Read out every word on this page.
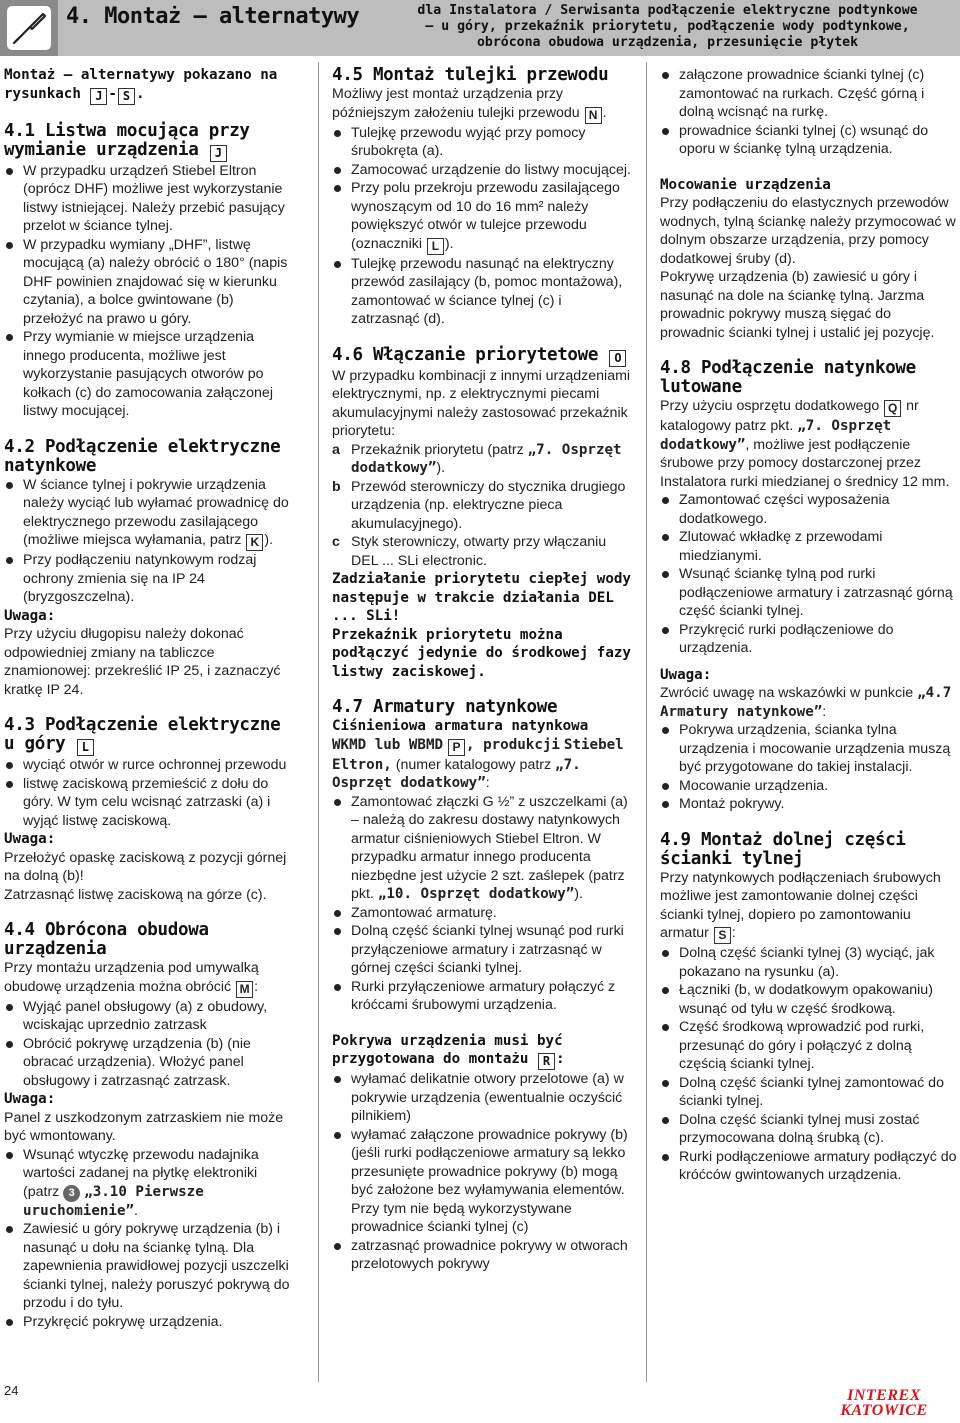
4. Montaż – alternatywy	dla Instalatora / Serwisanta podłączenie elektryczne podtynkowe
– u góry, przekaźnik priorytetu, podłączenie wody podtynkowe,
obrócona obudowa urządzenia, przesunięcie płytek

Montaż – alternatywy pokazano na rysunkach J - S .

4.1 Listwa mocująca przy wymianie urządzenia J
W przypadku urządzeń Stiebel Eltron (oprócz DHF) możliwe jest wykorzystanie listwy istniejącej. Należy przebić pasujący przelot w ściance tylnej.
W przypadku wymiany „DHF”, listwę mocującą (a) należy obrócić o 180° (napis DHF powinien znajdować się w kierunku czytania), a bolce gwintowane (b) przełożyć na prawo u góry.
Przy wymianie w miejsce urządzenia innego producenta, możliwe jest wykorzystanie pasujących otworów po kołkach (c) do zamocowania załączonej listwy mocującej.
4.2 Podłączenie elektryczne natynkowe
W ściance tylnej i pokrywie urządzenia należy wyciąć lub wyłamać prowadnicę do elektrycznego przewodu zasilającego (możliwe miejsca wyłamania, patrz K ).
Przy podłączeniu natynkowym rodzaj ochrony zmienia się na IP 24 (bryzgoszczelna).

Uwaga:

Przy użyciu długopisu należy dokonać odpowiedniej zmiany na tabliczce znamionowej: przekreślić IP 25, i zaznaczyć kratkę IP 24.

4.3 Podłączenie elektryczne u góry L
wyciąć otwór w rurce ochronnej przewodu
listwę zaciskową przemieścić z dołu do góry. W tym celu wcisnąć zatrzaski (a) i wyjąć listwę zaciskową.

Uwaga:

Przełożyć opaskę zaciskową z pozycji górnej na dolną (b)!

Zatrzasnąć listwę zaciskową na górze (c).

4.4 Obrócona obudowa urządzenia

Przy montażu urządzenia pod umywalką obudowę urządzenia można obrócić M :

Wyjąć panel obsługowy (a) z obudowy, wciskając uprzednio zatrzask
Obrócić pokrywę urządzenia (b) (nie obracać urządzenia). Włożyć panel obsługowy i zatrzasnąć zatrzask.

Uwaga:

Panel z uszkodzonym zatrzaskiem nie może być wmontowany.

Wsunąć wtyczkę przewodu nadajnika wartości zadanej na płytkę elektroniki (patrz 3 „3.10 Pierwsze uruchomienie”.
Zawiesić u góry pokrywę urządzenia (b) i nasunąć u dołu na ściankę tylną. Dla zapewnienia prawidłowej pozycji uszczelki ścianki tylnej, należy poruszyć pokrywą do przodu i do tyłu.
Przykręcić pokrywę urządzenia.
4.5 Montaż tulejki przewodu

Możliwy jest montaż urządzenia przy późniejszym założeniu tulejki przewodu N .

Tulejkę przewodu wyjąć przy pomocy śrubokręta (a).
Zamocować urządzenie do listwy mocującej.
Przy polu przekroju przewodu zasilającego wynoszącym od 10 do 16 mm² należy powiększyć otwór w tulejce przewodu (oznaczniki L ).
Tulejkę przewodu nasunąć na elektryczny przewód zasilający (b, pomoc montażowa), zamontować w ściance tylnej (c) i zatrzasnąć (d).
4.6 Włączanie priorytetowe O

W przypadku kombinacji z innymi urządzeniami elektrycznymi, np. z elektrycznymi piecami akumulacyjnymi należy zastosować przekaźnik priorytetu:

a Przekaźnik priorytetu (patrz „7. Osprzęt dodatkowy”).

b Przewód sterowniczy do stycznika drugiego urządzenia (np. elektryczne pieca akumulacyjnego).

c Styk sterowniczy, otwarty przy włączaniu DEL ... SLi electronic.

Zadziałanie priorytetu ciepłej wody następuje w trakcie działania DEL ... SLi!

Przekaźnik priorytetu można podłączyć jedynie do środkowej fazy listwy zaciskowej.

4.7 Armatury natynkowe

Ciśnieniowa armatura natynkowa

WKMD lub WBMD P , produkcji Stiebel Eltron, (numer katalogowy patrz „7. Osprzęt dodatkowy”:

Zamontować złączki G ½” z uszczelkami (a) – należą do zakresu dostawy natynkowych armatur ciśnieniowych Stiebel Eltron. W przypadku armatur innego producenta niezbędne jest użycie 2 szt. zaślepek (patrz pkt. „10. Osprzęt dodatkowy”).
Zamontować armaturę.
Dolną część ścianki tylnej wsunąć pod rurki przyłączeniowe armatury i zatrzasnąć w górnej części ścianki tylnej.
Rurki przyłączeniowe armatury połączyć z króćcami śrubowymi urządzenia.

Pokrywa urządzenia musi być przygotowana do montażu R :

wyłamać delikatnie otwory przelotowe (a) w pokrywie urządzenia (ewentualnie oczyścić pilnikiem)
wyłamać załączone prowadnice pokrywy (b) (jeśli rurki podłączeniowe armatury są lekko przesunięte prowadnice pokrywy (b) mogą być założone bez wyłamywania elementów. Przy tym nie będą wykorzystywane prowadnice ścianki tylnej (c)
zatrzasnąć prowadnice pokrywy w otworach przelotowych pokrywy
załączone prowadnice ścianki tylnej (c) zamontować na rurkach. Część górną i dolną wcisnąć na rurkę.
prowadnice ścianki tylnej (c) wsunąć do oporu w ściankę tylną urządzenia.

Mocowanie urządzenia

Przy podłączeniu do elastycznych przewodów wodnych, tylną ściankę należy przymocować w dolnym obszarze urządzenia, przy pomocy dodatkowej śruby (d).

Pokrywę urządzenia (b) zawiesić u góry i nasunąć na dole na ściankę tylną. Jarzma prowadnic pokrywy muszą sięgać do prowadnic ścianki tylnej i ustalić jej pozycję.

4.8 Podłączenie natynkowe lutowane

Przy użyciu osprzętu dodatkowego Q nr katalogowy patrz pkt. „7. Osprzęt dodatkowy”, możliwe jest podłączenie śrubowe przy pomocy dostarczonej przez Instalatora rurki miedzianej o średnicy 12 mm.

Zamontować części wyposażenia dodatkowego.
Zlutować wkładkę z przewodami miedzianymi.
Wsunąć ściankę tylną pod rurki podłączeniowe armatury i zatrzasnąć górną część ścianki tylnej.
Przykręcić rurki podłączeniowe do urządzenia.

Uwaga:

Zwrócić uwagę na wskazówki w punkcie „4.7 Armatury natynkowe”:

Pokrywa urządzenia, ścianka tylna urządzenia i mocowanie urządzenia muszą być przygotowane do takiej instalacji.
Mocowanie urządzenia.
Montaż pokrywy.
4.9 Montaż dolnej części ścianki tylnej

Przy natynkowych podłączeniach śrubowych możliwe jest zamontowanie dolnej części ścianki tylnej, dopiero po zamontowaniu armatur S :

Dolną część ścianki tylnej (3) wyciąć, jak pokazano na rysunku (a).
Łączniki (b, w dodatkowym opakowaniu) wsunąć od tyłu w część środkową.
Część środkową wprowadzić pod rurki, przesunąć do góry i połączyć z dolną częścią ścianki tylnej.
Dolną część ścianki tylnej zamontować do ścianki tylnej.
Dolna część ścianki tylnej musi zostać przymocowana dolną śrubką (c).
Rurki podłączeniowe armatury podłączyć do króćców gwintowanych urządzenia.
24	INTEREX
KATOWICE
